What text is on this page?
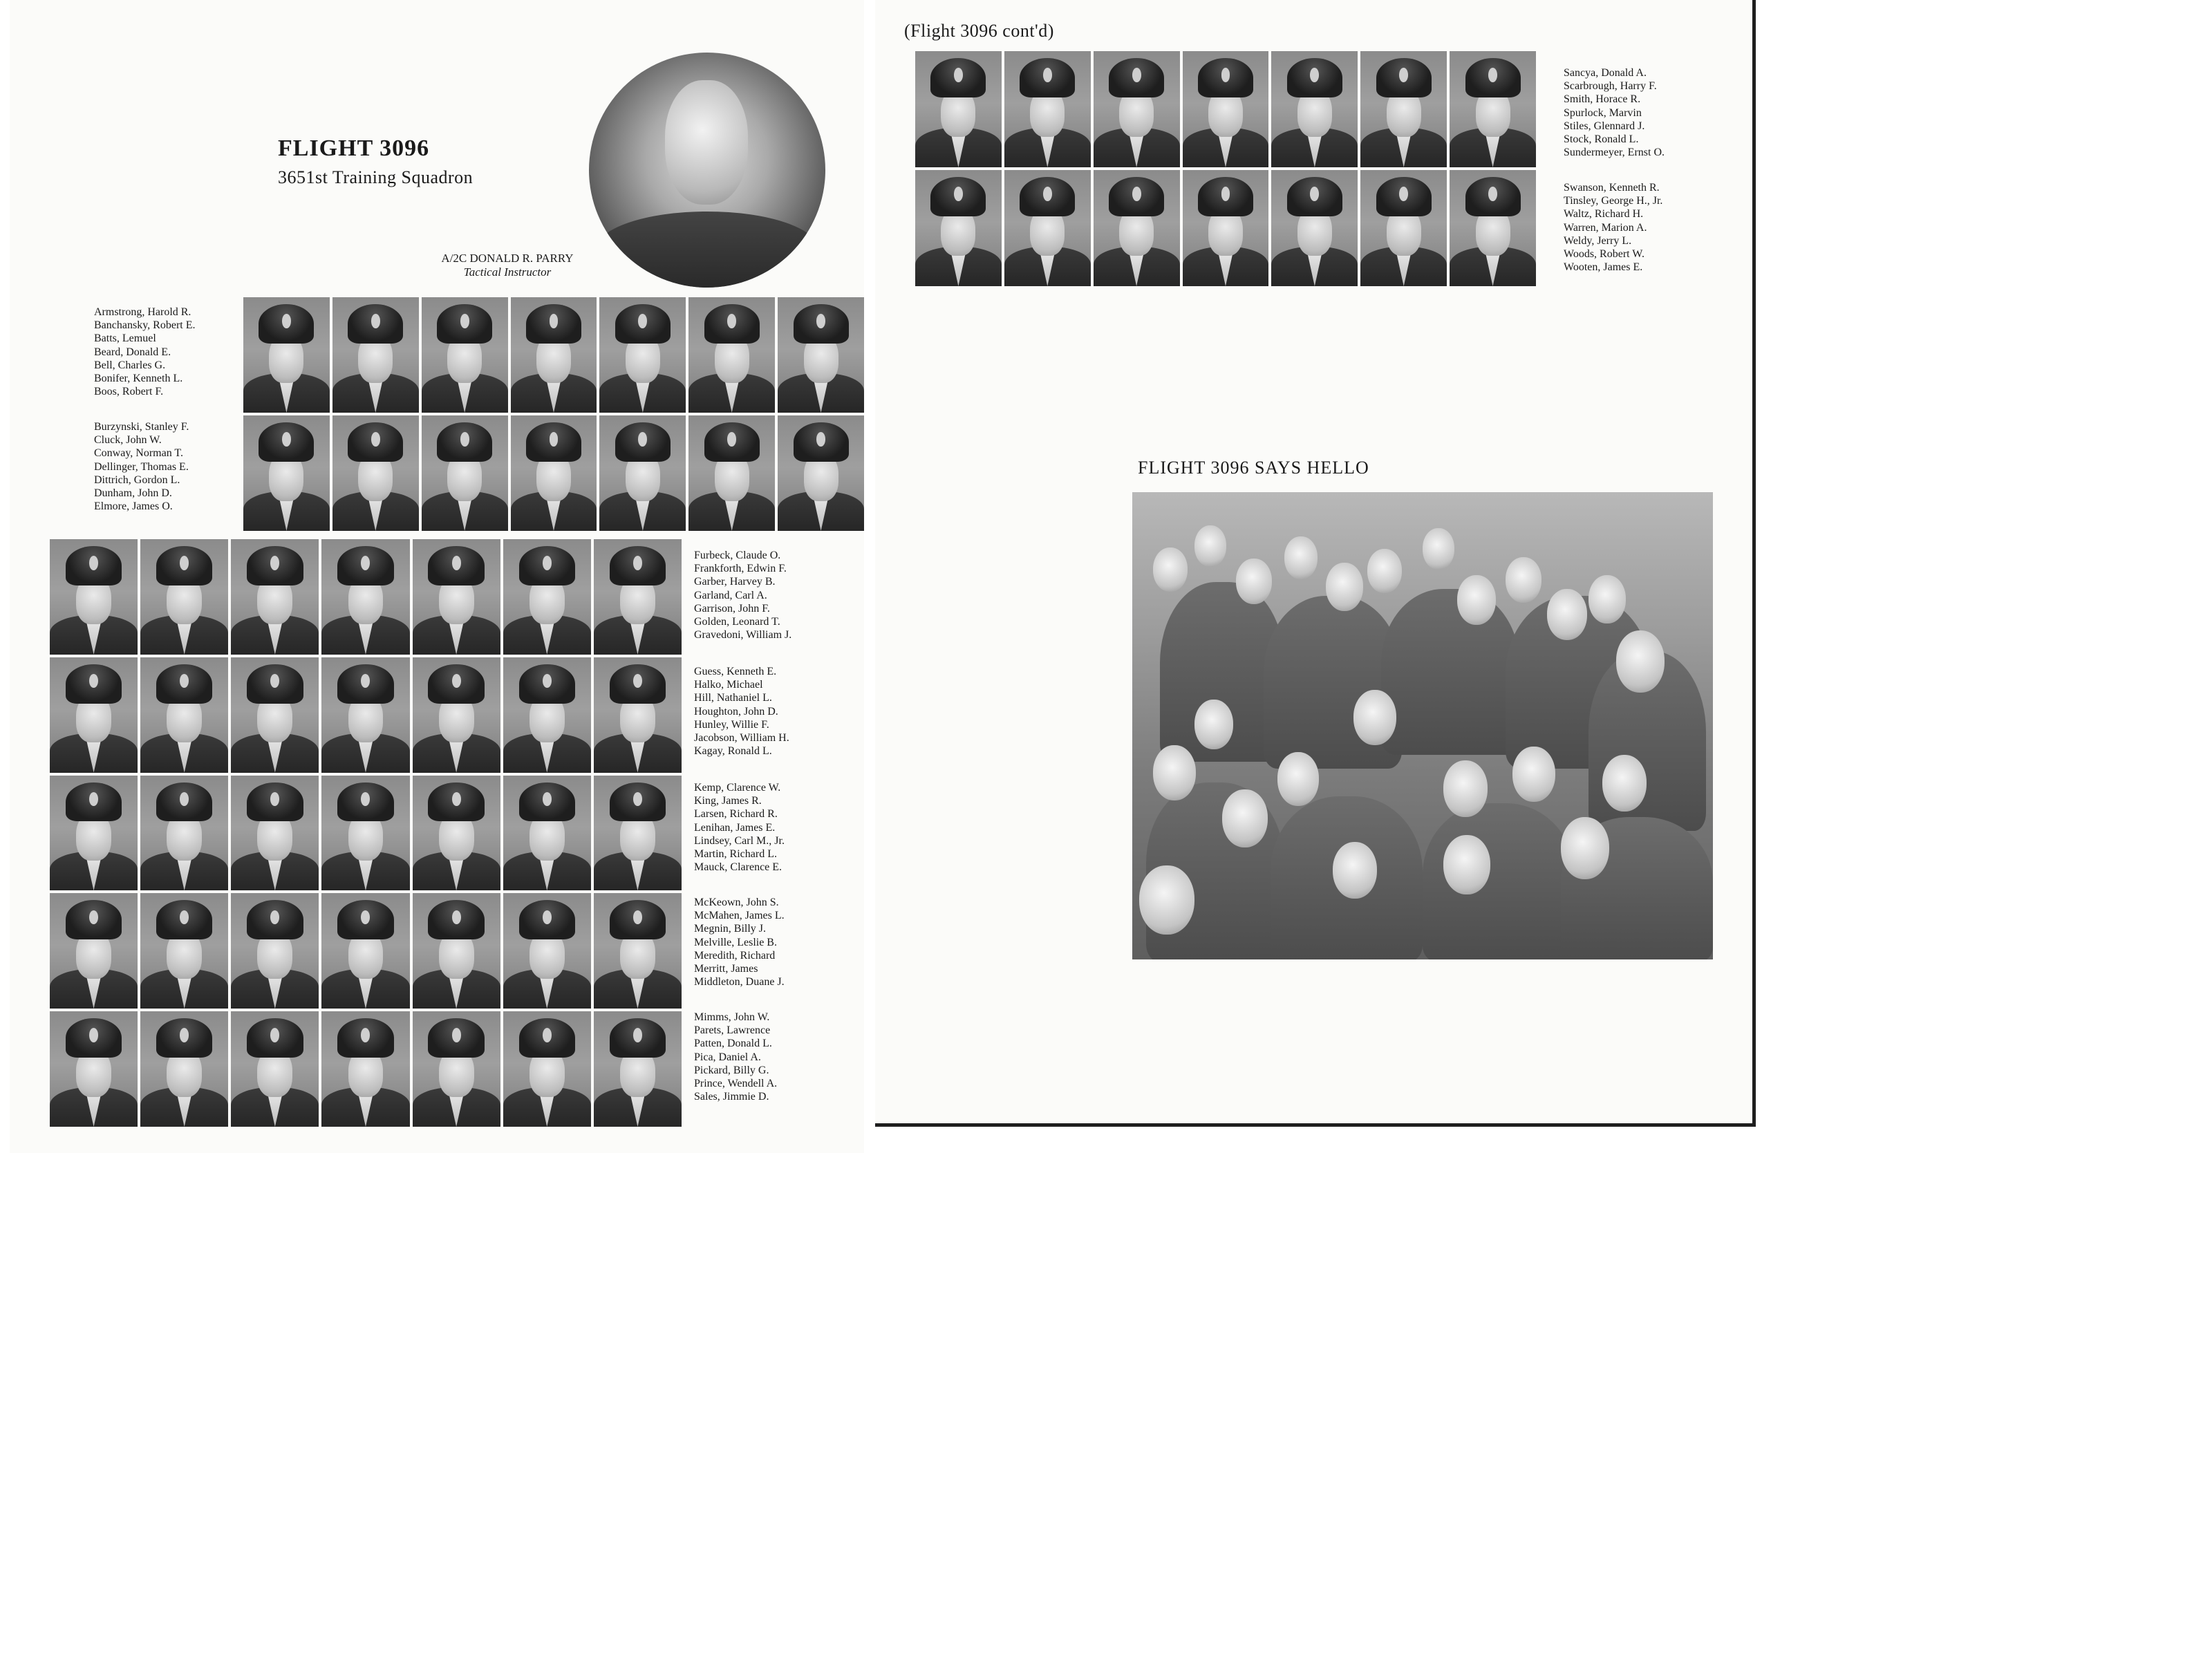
FLIGHT 3096
3651st Training Squadron
A/2C DONALD R. PARRY
Tactical Instructor
Armstrong, Harold R.
Banchansky, Robert E.
Batts, Lemuel
Beard, Donald E.
Bell, Charles G.
Bonifer, Kenneth L.
Boos, Robert F.
Burzynski, Stanley F.
Cluck, John W.
Conway, Norman T.
Dellinger, Thomas E.
Dittrich, Gordon L.
Dunham, John D.
Elmore, James O.
Furbeck, Claude O.
Frankforth, Edwin F.
Garber, Harvey B.
Garland, Carl A.
Garrison, John F.
Golden, Leonard T.
Gravedoni, William J.
Guess, Kenneth E.
Halko, Michael
Hill, Nathaniel L.
Houghton, John D.
Hunley, Willie F.
Jacobson, William H.
Kagay, Ronald L.
Kemp, Clarence W.
King, James R.
Larsen, Richard R.
Lenihan, James E.
Lindsey, Carl M., Jr.
Martin, Richard L.
Mauck, Clarence E.
McKeown, John S.
McMahen, James L.
Megnin, Billy J.
Melville, Leslie B.
Meredith, Richard
Merritt, James
Middleton, Duane J.
Mimms, John W.
Parets, Lawrence
Patten, Donald L.
Pica, Daniel A.
Pickard, Billy G.
Prince, Wendell A.
Sales, Jimmie D.
(Flight 3096 cont'd)
Sancya, Donald A.
Scarbrough, Harry F.
Smith, Horace R.
Spurlock, Marvin
Stiles, Glennard J.
Stock, Ronald L.
Sundermeyer, Ernst O.
Swanson, Kenneth R.
Tinsley, George H., Jr.
Waltz, Richard H.
Warren, Marion A.
Weldy, Jerry L.
Woods, Robert W.
Wooten, James E.
FLIGHT 3096 SAYS HELLO
